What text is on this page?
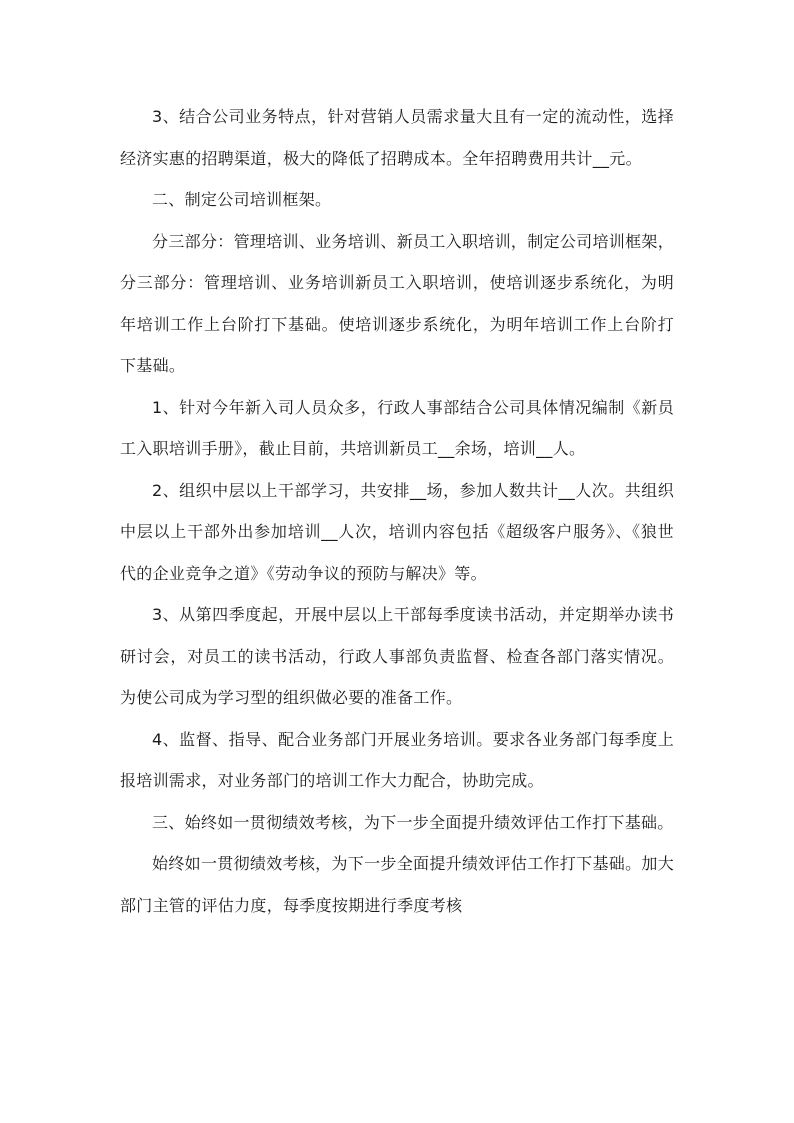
3、结合公司业务特点，针对营销人员需求量大且有一定的流动性，选择经济实惠的招聘渠道，极大的降低了招聘成本。全年招聘费用共计__元。

二、制定公司培训框架。

分三部分：管理培训、业务培训、新员工入职培训，制定公司培训框架，分三部分：管理培训、业务培训新员工入职培训，使培训逐步系统化，为明年培训工作上台阶打下基础。使培训逐步系统化，为明年培训工作上台阶打下基础。

1、针对今年新入司人员众多，行政人事部结合公司具体情况编制《新员工入职培训手册》，截止目前，共培训新员工__余场，培训__人。

2、组织中层以上干部学习，共安排__场，参加人数共计__人次。共组织中层以上干部外出参加培训__人次，培训内容包括《超级客户服务》、《狼世代的企业竞争之道》《劳动争议的预防与解决》等。

3、从第四季度起，开展中层以上干部每季度读书活动，并定期举办读书研讨会，对员工的读书活动，行政人事部负责监督、检查各部门落实情况。为使公司成为学习型的组织做必要的准备工作。

4、监督、指导、配合业务部门开展业务培训。要求各业务部门每季度上报培训需求，对业务部门的培训工作大力配合，协助完成。

三、始终如一贯彻绩效考核，为下一步全面提升绩效评估工作打下基础。

始终如一贯彻绩效考核，为下一步全面提升绩效评估工作打下基础。加大部门主管的评估力度，每季度按期进行季度考核
